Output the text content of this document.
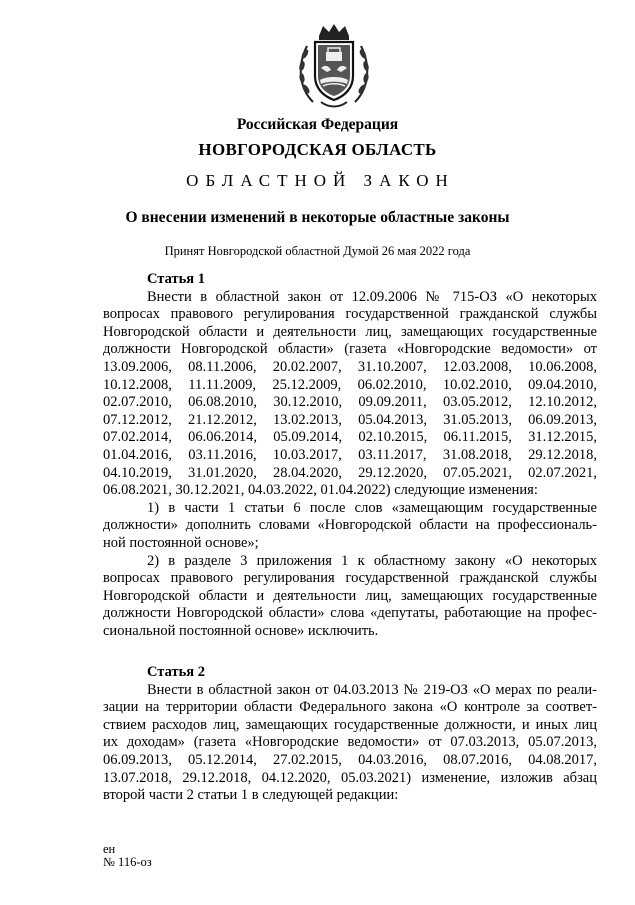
Российская Федерация
НОВГОРОДСКАЯ ОБЛАСТЬ
ОБЛАСТНОЙ ЗАКОН
О внесении изменений в некоторые областные законы
Принят Новгородской областной Думой 26 мая 2022 года
Статья 1
Внести в областной закон от 12.09.2006 № 715-ОЗ «О некоторых
вопросах правового регулирования государственной гражданской службы
Новгородской области и деятельности лиц, замещающих государственные
должности Новгородской области» (газета «Новгородские ведомости» от
13.09.2006, 08.11.2006, 20.02.2007, 31.10.2007, 12.03.2008, 10.06.2008,
10.12.2008, 11.11.2009, 25.12.2009, 06.02.2010, 10.02.2010, 09.04.2010,
02.07.2010, 06.08.2010, 30.12.2010, 09.09.2011, 03.05.2012, 12.10.2012,
07.12.2012, 21.12.2012, 13.02.2013, 05.04.2013, 31.05.2013, 06.09.2013,
07.02.2014, 06.06.2014, 05.09.2014, 02.10.2015, 06.11.2015, 31.12.2015,
01.04.2016, 03.11.2016, 10.03.2017, 03.11.2017, 31.08.2018, 29.12.2018,
04.10.2019, 31.01.2020, 28.04.2020, 29.12.2020, 07.05.2021, 02.07.2021,
06.08.2021, 30.12.2021, 04.03.2022, 01.04.2022) следующие изменения:
1) в части 1 статьи 6 после слов «замещающим государственные
должности» дополнить словами «Новгородской области на профессиональ-
ной постоянной основе»;
2) в разделе 3 приложения 1 к областному закону «О некоторых
вопросах правового регулирования государственной гражданской службы
Новгородской области и деятельности лиц, замещающих государственные
должности Новгородской области» слова «депутаты, работающие на профес-
сиональной постоянной основе» исключить.
Статья 2
Внести в областной закон от 04.03.2013 № 219-ОЗ «О мерах по реали-
зации на территории области Федерального закона «О контроле за соответ-
ствием расходов лиц, замещающих государственные должности, и иных лиц
их доходам» (газета «Новгородские ведомости» от 07.03.2013, 05.07.2013,
06.09.2013, 05.12.2014, 27.02.2015, 04.03.2016, 08.07.2016, 04.08.2017,
13.07.2018, 29.12.2018, 04.12.2020, 05.03.2021) изменение, изложив абзац
второй части 2 статьи 1 в следующей редакции:
ен
№ 116-оз
